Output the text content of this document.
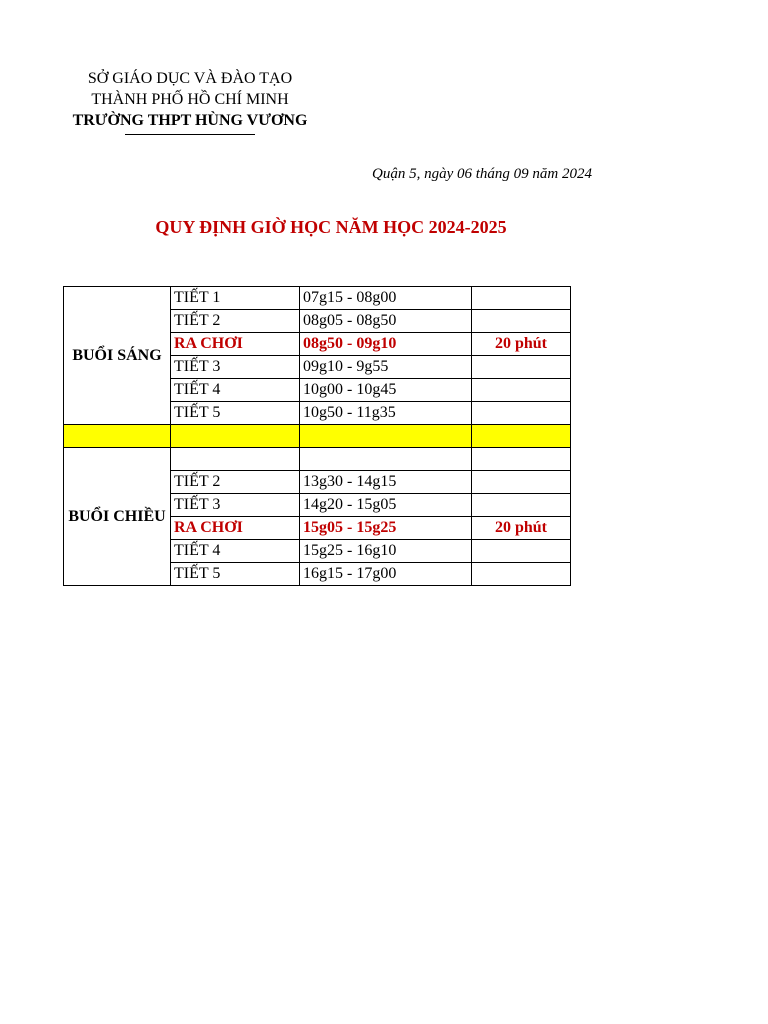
SỞ GIÁO DỤC VÀ ĐÀO TẠO
THÀNH PHỐ HỒ CHÍ MINH
TRƯỜNG THPT HÙNG VƯƠNG
Quận 5, ngày 06 tháng 09 năm 2024
QUY ĐỊNH GIỜ HỌC NĂM HỌC 2024-2025
BUỔI SÁNG	TIẾT 1	07g15 - 08g00	
	TIẾT 2	08g05 - 08g50	
	RA CHƠI	08g50 - 09g10	20 phút
	TIẾT 3	09g10 - 9g55	
	TIẾT 4	10g00 - 10g45	
	TIẾT 5	10g50 - 11g35	

BUỔI CHIỀU			
	TIẾT 2	13g30 - 14g15	
	TIẾT 3	14g20 - 15g05	
	RA CHƠI	15g05 - 15g25	20 phút
	TIẾT 4	15g25 - 16g10	
	TIẾT 5	16g15 - 17g00	
